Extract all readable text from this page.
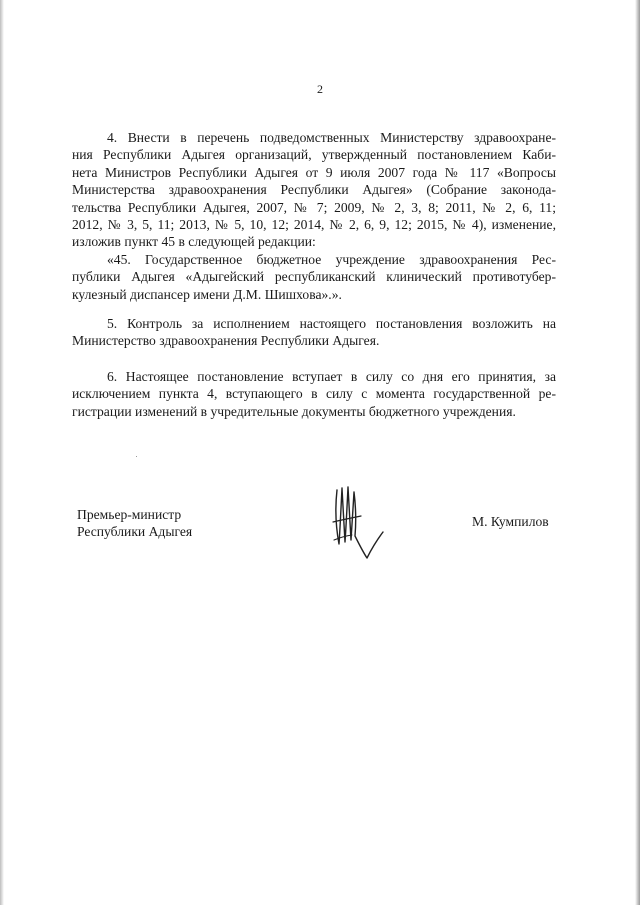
2
4. Внести в перечень подведомственных Министерству здравоохране-
ния Республики Адыгея организаций, утвержденный постановлением Каби-
нета Министров Республики Адыгея от 9 июля 2007 года № 117 «Вопросы
Министерства здравоохранения Республики Адыгея» (Собрание законода-
тельства Республики Адыгея, 2007, № 7; 2009, № 2, 3, 8; 2011, № 2, 6, 11;
2012, № 3, 5, 11; 2013, № 5, 10, 12; 2014, № 2, 6, 9, 12; 2015, № 4), изменение,
изложив пункт 45 в следующей редакции:
«45. Государственное бюджетное учреждение здравоохранения Рес-
публики Адыгея «Адыгейский республиканский клинический противотубер-
кулезный диспансер имени Д.М. Шишхова».».
5. Контроль за исполнением настоящего постановления возложить на
Министерство здравоохранения Республики Адыгея.
6. Настоящее постановление вступает в силу со дня его принятия, за
исключением пункта 4, вступающего в силу с момента государственной ре-
гистрации изменений в учредительные документы бюджетного учреждения.
Премьер-министр
Республики Адыгея
М. Кумпилов
